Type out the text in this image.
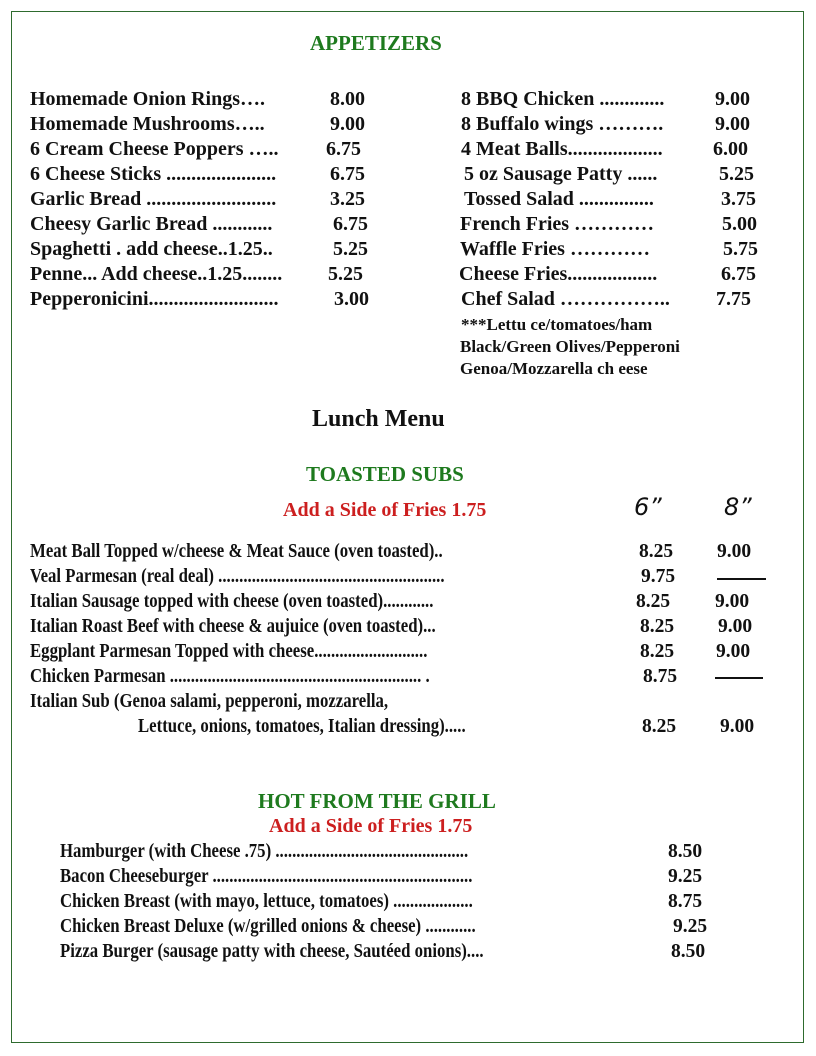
APPETIZERS
Homemade Onion Rings….	8.00
Homemade Mushrooms…..	9.00
6 Cream Cheese Poppers ….. 6.75
6 Cheese Sticks ......................	6.75
Garlic Bread ..........................	3.25
Cheesy Garlic Bread ............	6.75
Spaghetti . add cheese..1.25..	5.25
Penne... Add cheese..1.25........ 5.25
Pepperonicini..........................	3.00
8 BBQ Chicken .............	9.00
8 Buffalo wings ……….	9.00
4 Meat Balls...................	6.00
5 oz Sausage Patty ......	5.25
Tossed Salad ...............	3.75
French Fries …………	5.00
Waffle Fries …………	5.75
Cheese Fries..................	6.75
Chef Salad …………….. 7.75
***Lettu ce/tomatoes/ham
Black/Green Olives/Pepperoni
Genoa/Mozzarella ch eese
Lunch Menu
TOASTED SUBS
Add a Side of Fries 1.75	6”	8”
Meat Ball Topped w/cheese & Meat Sauce (oven toasted)..	8.25 9.00
Veal Parmesan (real deal) ......................................................	9.75
Italian Sausage topped with cheese (oven toasted)............	8.25 9.00
Italian Roast Beef with cheese & aujuice (oven toasted)...	8.25 9.00
Eggplant Parmesan Topped with cheese...........................	8.25 9.00
Chicken Parmesan ............................................................ .	8.75
Italian Sub (Genoa salami, pepperoni, mozzarella,
Lettuce, onions, tomatoes, Italian dressing).....	8.25 9.00
HOT FROM THE GRILL
Add a Side of Fries 1.75
Hamburger (with Cheese .75) ..............................................	8.50
Bacon Cheeseburger ..............................................................	9.25
Chicken Breast (with mayo, lettuce, tomatoes) ...................	8.75
Chicken Breast Deluxe (w/grilled onions & cheese) ............	9.25
Pizza Burger (sausage patty with cheese, Sautéed onions)....	8.50
